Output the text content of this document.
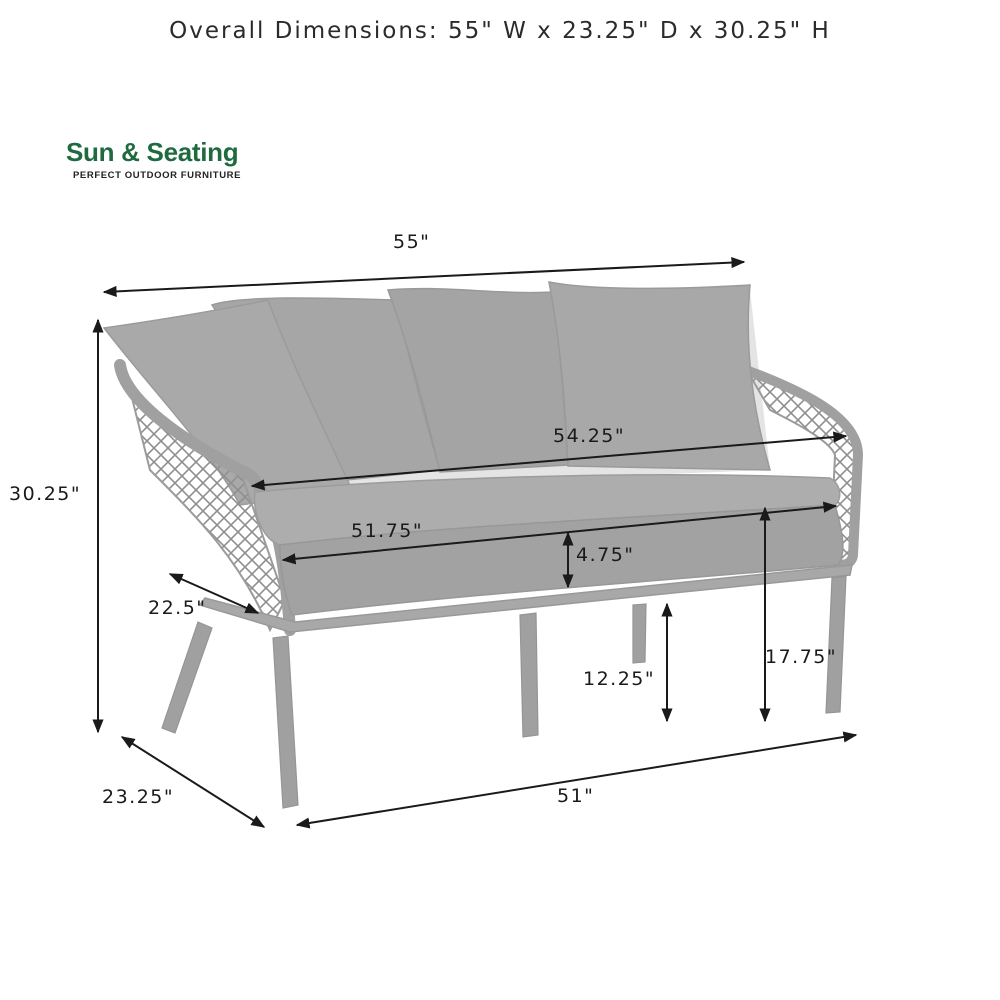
Overall Dimensions: 55" W x 23.25" D x 30.25" H
Sun & Seating
PERFECT OUTDOOR FURNITURE
55"
30.25"
54.25"
51.75"
4.75"
22.5"
12.25"
17.75"
23.25"	51"
